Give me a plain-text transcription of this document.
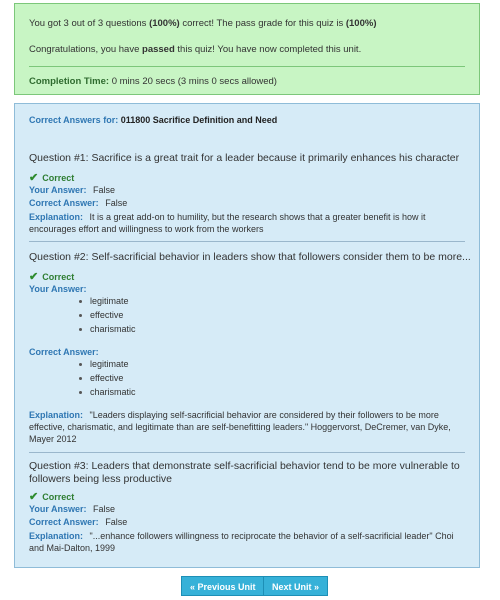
You got 3 out of 3 questions (100%) correct! The pass grade for this quiz is (100%)
Congratulations, you have passed this quiz! You have now completed this unit.
Completion Time: 0 mins 20 secs (3 mins 0 secs allowed)
Correct Answers for: 011800 Sacrifice Definition and Need
Question #1: Sacrifice is a great trait for a leader because it primarily enhances his character
✔ Correct
Your Answer: False
Correct Answer: False
Explanation: It is a great add-on to humility, but the research shows that a greater benefit is how it encourages effort and willingness to work from the workers
Question #2: Self-sacrificial behavior in leaders show that followers consider them to be more...
✔ Correct
Your Answer:
legitimate
effective
charismatic
Correct Answer:
legitimate
effective
charismatic
Explanation: "Leaders displaying self-sacrificial behavior are considered by their followers to be more effective, charismatic, and legitimate than are self-benefitting leaders." Hoggervorst, DeCremer, van Dyke, Mayer 2012
Question #3: Leaders that demonstrate self-sacrificial behavior tend to be more vulnerable to
followers being less productive
✔ Correct
Your Answer: False
Correct Answer: False
Explanation: "...enhance followers willingness to reciprocate the behavior of a self-sacrificial leader" Choi and Mai-Dalton, 1999
« Previous Unit	Next Unit »
